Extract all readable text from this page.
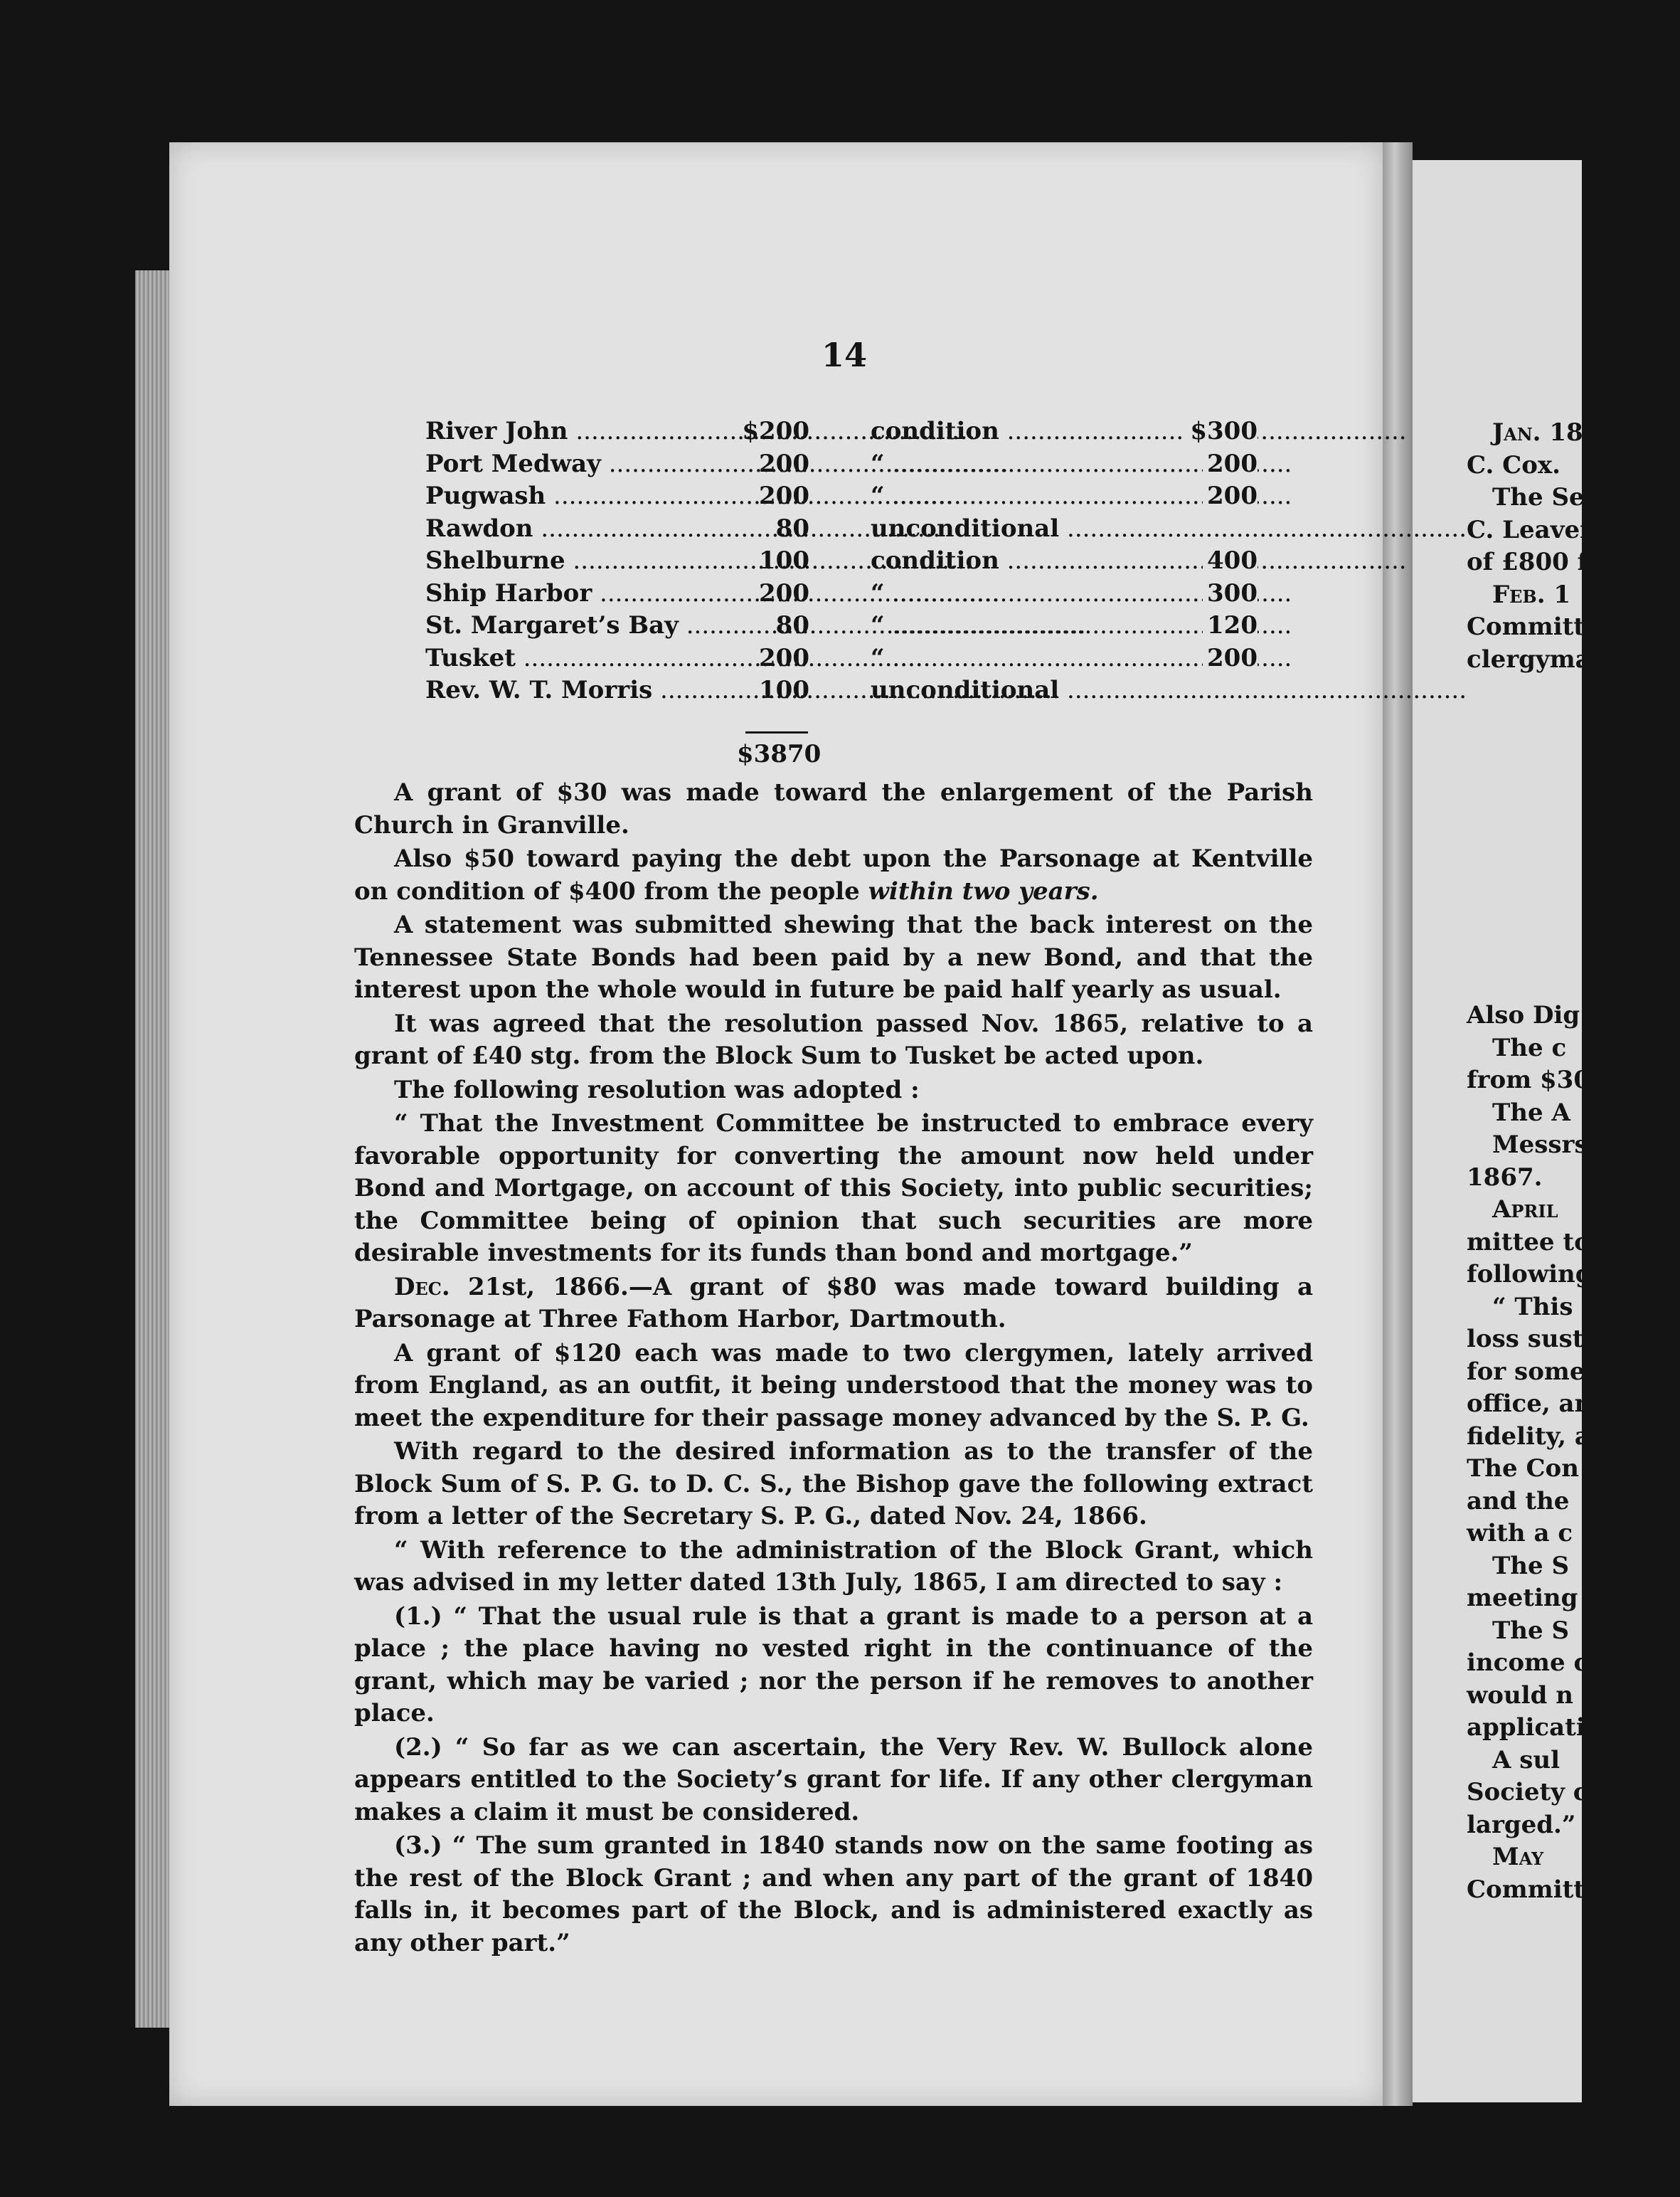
14
River John .....	$200	condition .....	$300
Port Medway .....	200	“ .....	200
Pugwash .....	200	“ .....	200
Rawdon .....	80	unconditional .....
Shelburne .....	100	condition .....	400
Ship Harbor .....	200	“ .....	300
St. Margaret’s Bay .....	80	“ .....	120
Tusket .....	200	“ .....	200
Rev. W. T. Morris .....	100	unconditional .....
$3870

A grant of $30 was made toward the enlargement of the Parish Church in Granville.

Also $50 toward paying the debt upon the Parsonage at Kentville on condition of $400 from the people within two years.

A statement was submitted shewing that the back interest on the Tennessee State Bonds had been paid by a new Bond, and that the interest upon the whole would in future be paid half yearly as usual.

It was agreed that the resolution passed Nov. 1865, relative to a grant of £40 stg. from the Block Sum to Tusket be acted upon.

The following resolution was adopted :

“ That the Investment Committee be instructed to embrace every favorable opportunity for converting the amount now held under Bond and Mortgage, on account of this Society, into public securities; the Committee being of opinion that such securities are more desirable investments for its funds than bond and mortgage.”

Dec. 21st, 1866.—A grant of $80 was made toward building a Parsonage at Three Fathom Harbor, Dartmouth.

A grant of $120 each was made to two clergymen, lately arrived from England, as an outfit, it being understood that the money was to meet the expenditure for their passage money advanced by the S. P. G.

With regard to the desired information as to the transfer of the Block Sum of S. P. G. to D. C. S., the Bishop gave the following extract from a letter of the Secretary S. P. G., dated Nov. 24, 1866.

“ With reference to the administration of the Block Grant, which was advised in my letter dated 13th July, 1865, I am directed to say :

(1.) “ That the usual rule is that a grant is made to a person at a place ; the place having no vested right in the continuance of the grant, which may be varied ; nor the person if he removes to another place.

(2.) “ So far as we can ascertain, the Very Rev. W. Bullock alone appears entitled to the Society’s grant for life. If any other clergyman makes a claim it must be considered.

(3.) “ The sum granted in 1840 stands now on the same footing as the rest of the Block Grant ; and when any part of the grant of 1840 falls in, it becomes part of the Block, and is administered exactly as any other part.”

Jan. 18
C. Cox.
The Se
C. Leaver
of £800 f
Feb. 1
Committe
clergyman
Also Dig
The c
from $30
The A
Messrs
1867.
April
mittee to
following
“ This
loss sust
for some
office, an
fidelity, a
The Con
and the
with a c
The S
meeting
The S
income c
would n
applicati
A sul
Society c
larged.”
May
Committ
